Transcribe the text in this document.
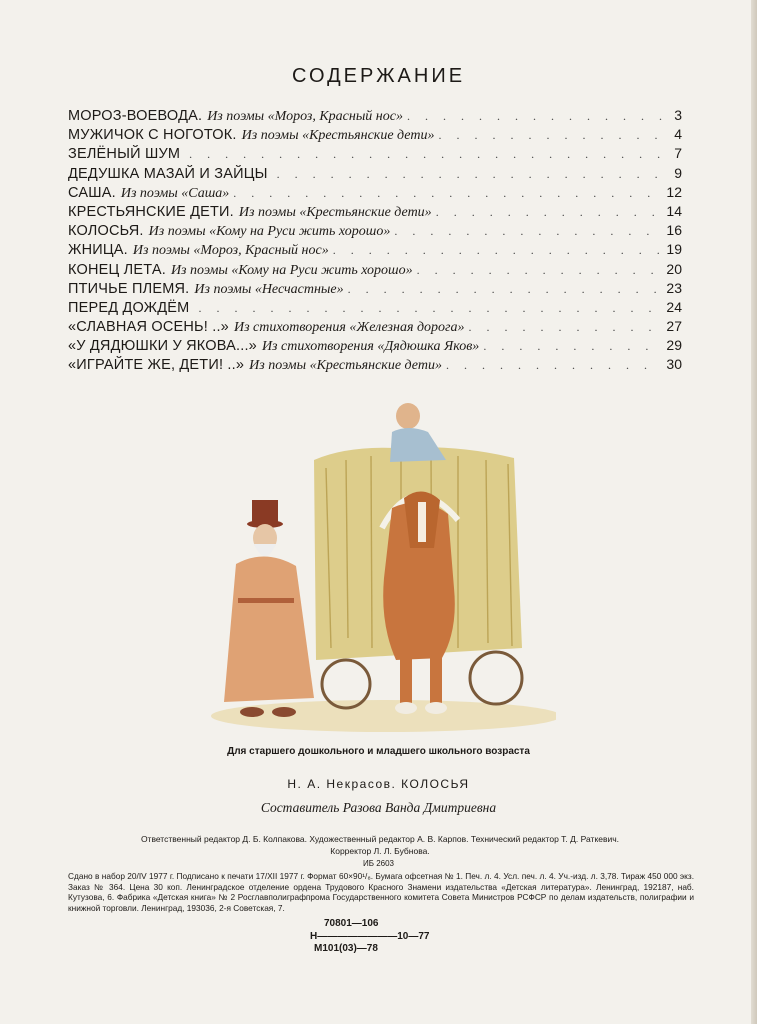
СОДЕРЖАНИЕ
МОРОЗ-ВОЕВОДА. Из поэмы «Мороз, Красный нос» . . .	3
МУЖИЧОК С НОГОТОК. Из поэмы «Крестьянские дети» . . .	4
ЗЕЛЁНЫЙ ШУМ . . .	7
ДЕДУШКА МАЗАЙ И ЗАЙЦЫ . . .	9
САША. Из поэмы «Саша» . . .	12
КРЕСТЬЯНСКИЕ ДЕТИ. Из поэмы «Крестьянские дети» . . .	14
КОЛОСЬЯ. Из поэмы «Кому на Руси жить хорошо» . . .	16
ЖНИЦА. Из поэмы «Мороз, Красный нос» . . .	19
КОНЕЦ ЛЕТА. Из поэмы «Кому на Руси жить хорошо» . . .	20
ПТИЧЬЕ ПЛЕМЯ. Из поэмы «Несчастные» . . .	23
ПЕРЕД ДОЖДЁМ . . .	24
«СЛАВНАЯ ОСЕНЬ! ..» Из стихотворения «Железная дорога» . . .	27
«У ДЯДЮШКИ У ЯКОВА...» Из стихотворения «Дядюшка Яков» . . .	29
«ИГРАЙТЕ ЖЕ, ДЕТИ! ..» Из поэмы «Крестьянские дети» . . .	30
Для старшего дошкольного и младшего школьного возраста
Н. А. Некрасов. КОЛОСЬЯ
Составитель Разова Ванда Дмитриевна
Ответственный редактор Д. Б. Колпакова. Художественный редактор А. В. Карпов. Технический редактор Т. Д. Раткевич.
Корректор Л. Л. Бубнова.
ИБ 2603

Сдано в набор 20/IV 1977 г. Подписано к печати 17/XII 1977 г. Формат 60×90¹/₈. Бумага офсетная № 1. Печ. л. 4. Усл. печ. л. 4. Уч.-изд. л. 3,78. Тираж 450 000 экз. Заказ № 364. Цена 30 коп. Ленинградское отделение ордена Трудового Красного Знамени издательства «Детская литература». Ленинград, 192187, наб. Кутузова, 6. Фабрика «Детская книга» № 2 Росглавполиграфпрома Государственного комитета Совета Министров РСФСР по делам издательств, полиграфии и книжной торговли. Ленинград, 193036, 2-я Советская, 7.

70801—106
Н————————10—77
М101(03)—78
